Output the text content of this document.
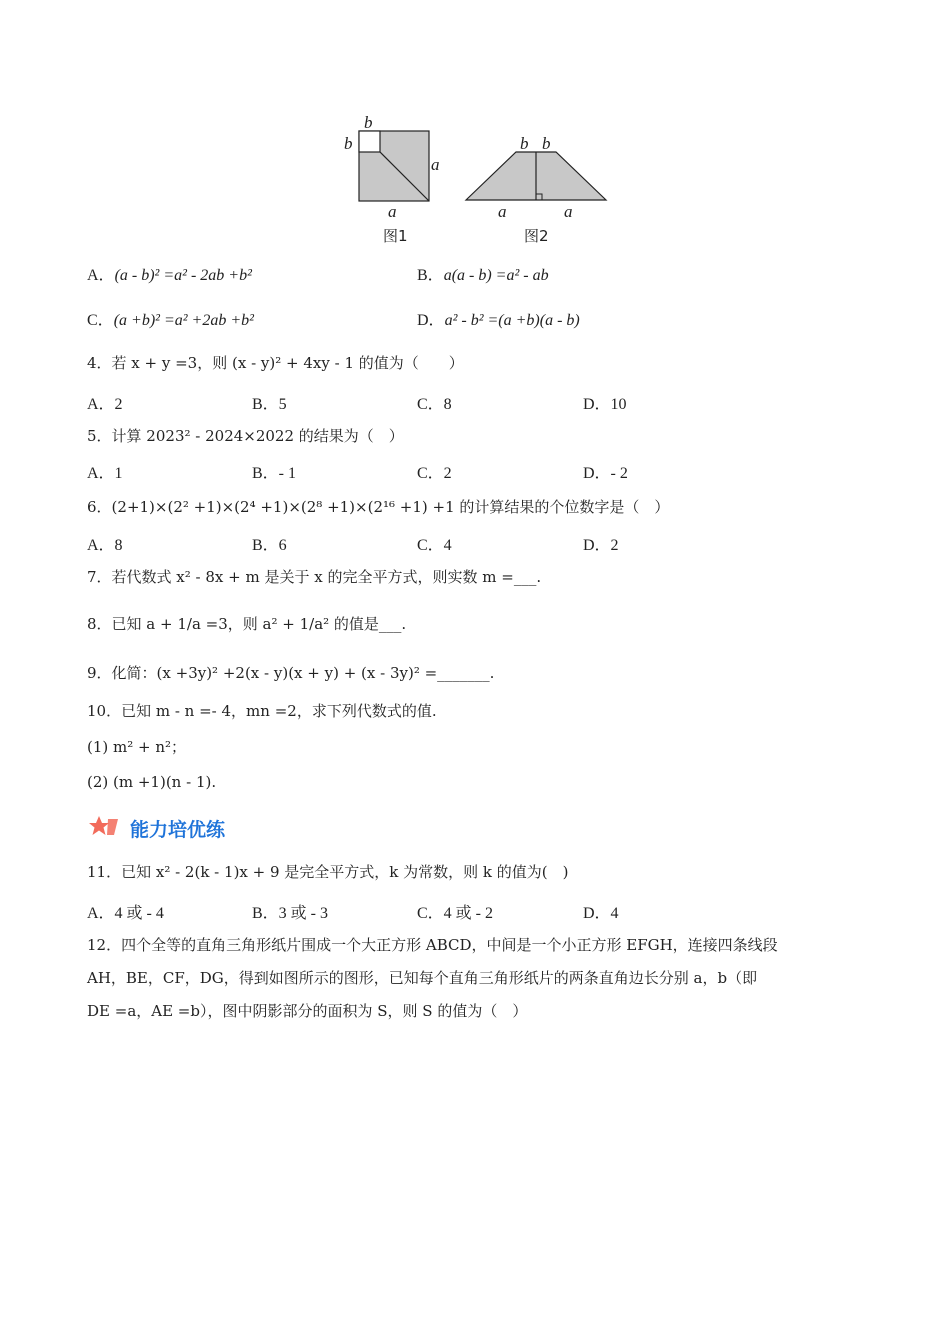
b
b
a
a
图1
b b
a	a
图2
A．(a - b)² =a² - 2ab +b²	B．a(a - b) =a² - ab
C．(a +b)² =a² +2ab +b²	D．a² - b² =(a +b)(a - b)
4．若 x + y =3，则 (x - y)² + 4xy - 1 的值为（　　）
A．2	B．5	C．8	D．10
5．计算 2023² - 2024×2022 的结果为（　）
A．1	B．- 1	C．2	D．- 2
6．(2+1)×(2² +1)×(2⁴ +1)×(2⁸ +1)×(2¹⁶ +1) +1 的计算结果的个位数字是（　）
A．8	B．6	C．4	D．2
7．若代数式 x² - 8x + m 是关于 x 的完全平方式，则实数 m =___.
8．已知 a + 1/a =3，则 a² + 1/a² 的值是___.
9．化简：(x +3y)² +2(x - y)(x + y) + (x - 3y)² =_______.
10．已知 m - n =- 4，mn =2，求下列代数式的值.
(1) m² + n²；
(2) (m +1)(n - 1).
能力培优练
11．已知 x² - 2(k - 1)x + 9 是完全平方式，k 为常数，则 k 的值为(　)
A．4 或 - 4	B．3 或 - 3	C．4 或 - 2	D．4
12．四个全等的直角三角形纸片围成一个大正方形 ABCD，中间是一个小正方形 EFGH，连接四条线段
AH，BE，CF，DG，得到如图所示的图形，已知每个直角三角形纸片的两条直角边长分别 a，b（即
DE =a，AE =b），图中阴影部分的面积为 S，则 S 的值为（　）
